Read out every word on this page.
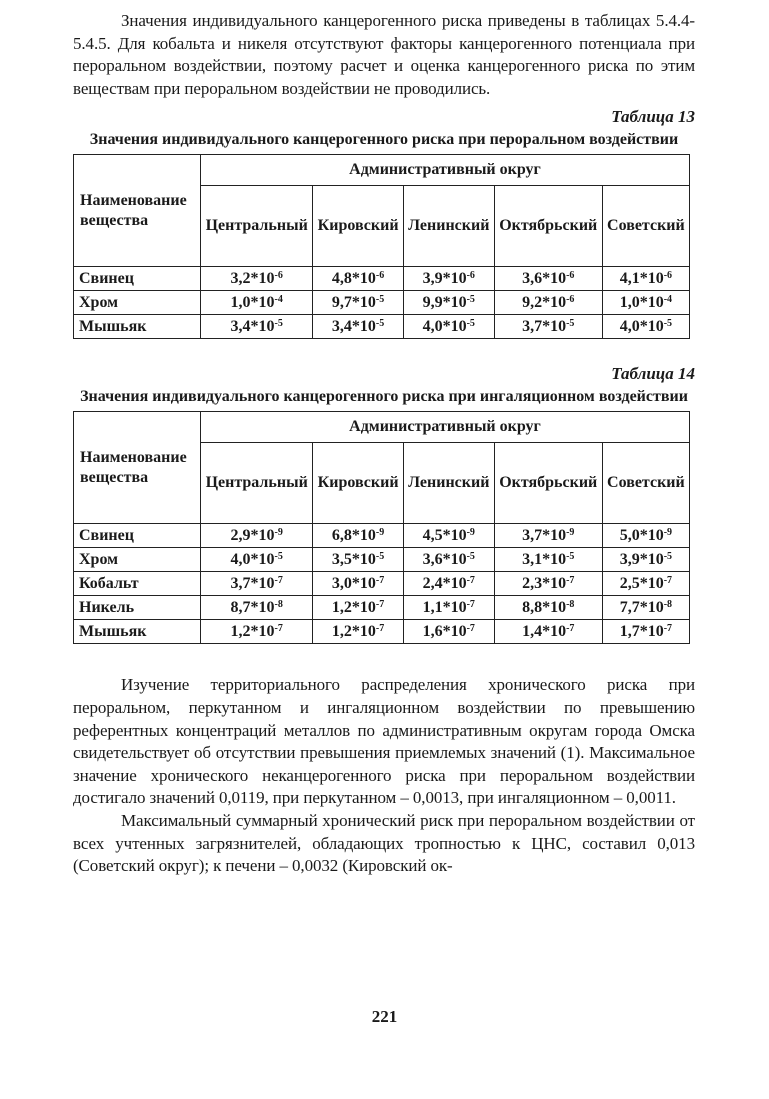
Значения индивидуального канцерогенного риска приведены в таблицах 5.4.4-5.4.5. Для кобальта и никеля отсутствуют факторы канцерогенного потенциала при пероральном воздействии, поэтому расчет и оценка канцерогенного риска по этим веществам при пероральном воздействии не проводились.

Таблица 13
Значения индивидуального канцерогенного риска при пероральном воздействии
Наименование вещества	Административный округ				
	Центральный	Кировский	Ленинский	Октябрьский	Советский
Свинец	$3,2*10^{-6}$	$4,8*10^{-6}$	$3,9*10^{-6}$	$3,6*10^{-6}$	$4,1*10^{-6}$
Хром	$1,0*10^{-4}$	$9,7*10^{-5}$	$9,9*10^{-5}$	$9,2*10^{-6}$	$1,0*10^{-4}$
Мышьяк	$3,4*10^{-5}$	$3,4*10^{-5}$	$4,0*10^{-5}$	$3,7*10^{-5}$	$4,0*10^{-5}$
Таблица 14
Значения индивидуального канцерогенного риска при ингаляционном воздействии
Наименование вещества	Административный округ				
	Центральный	Кировский	Ленинский	Октябрьский	Советский
Свинец	$2,9*10^{-9}$	$6,8*10^{-9}$	$4,5*10^{-9}$	$3,7*10^{-9}$	$5,0*10^{-9}$
Хром	$4,0*10^{-5}$	$3,5*10^{-5}$	$3,6*10^{-5}$	$3,1*10^{-5}$	$3,9*10^{-5}$
Кобальт	$3,7*10^{-7}$	$3,0*10^{-7}$	$2,4*10^{-7}$	$2,3*10^{-7}$	$2,5*10^{-7}$
Никель	$8,7*10^{-8}$	$1,2*10^{-7}$	$1,1*10^{-7}$	$8,8*10^{-8}$	$7,7*10^{-8}$
Мышьяк	$1,2*10^{-7}$	$1,2*10^{-7}$	$1,6*10^{-7}$	$1,4*10^{-7}$	$1,7*10^{-7}$

Изучение территориального распределения хронического риска при пероральном, перкутанном и ингаляционном воздействии по превышению референтных концентраций металлов по административным округам города Омска свидетельствует об отсутствии превышения приемлемых значений (1). Максимальное значение хронического неканцерогенного риска при пероральном воздействии достигало значений 0,0119, при перкутанном – 0,0013, при ингаляционном – 0,0011.

Максимальный суммарный хронический риск при пероральном воздействии от всех учтенных загрязнителей, обладающих тропностью к ЦНС, составил 0,013 (Советский округ); к печени – 0,0032 (Кировский ок-

221
